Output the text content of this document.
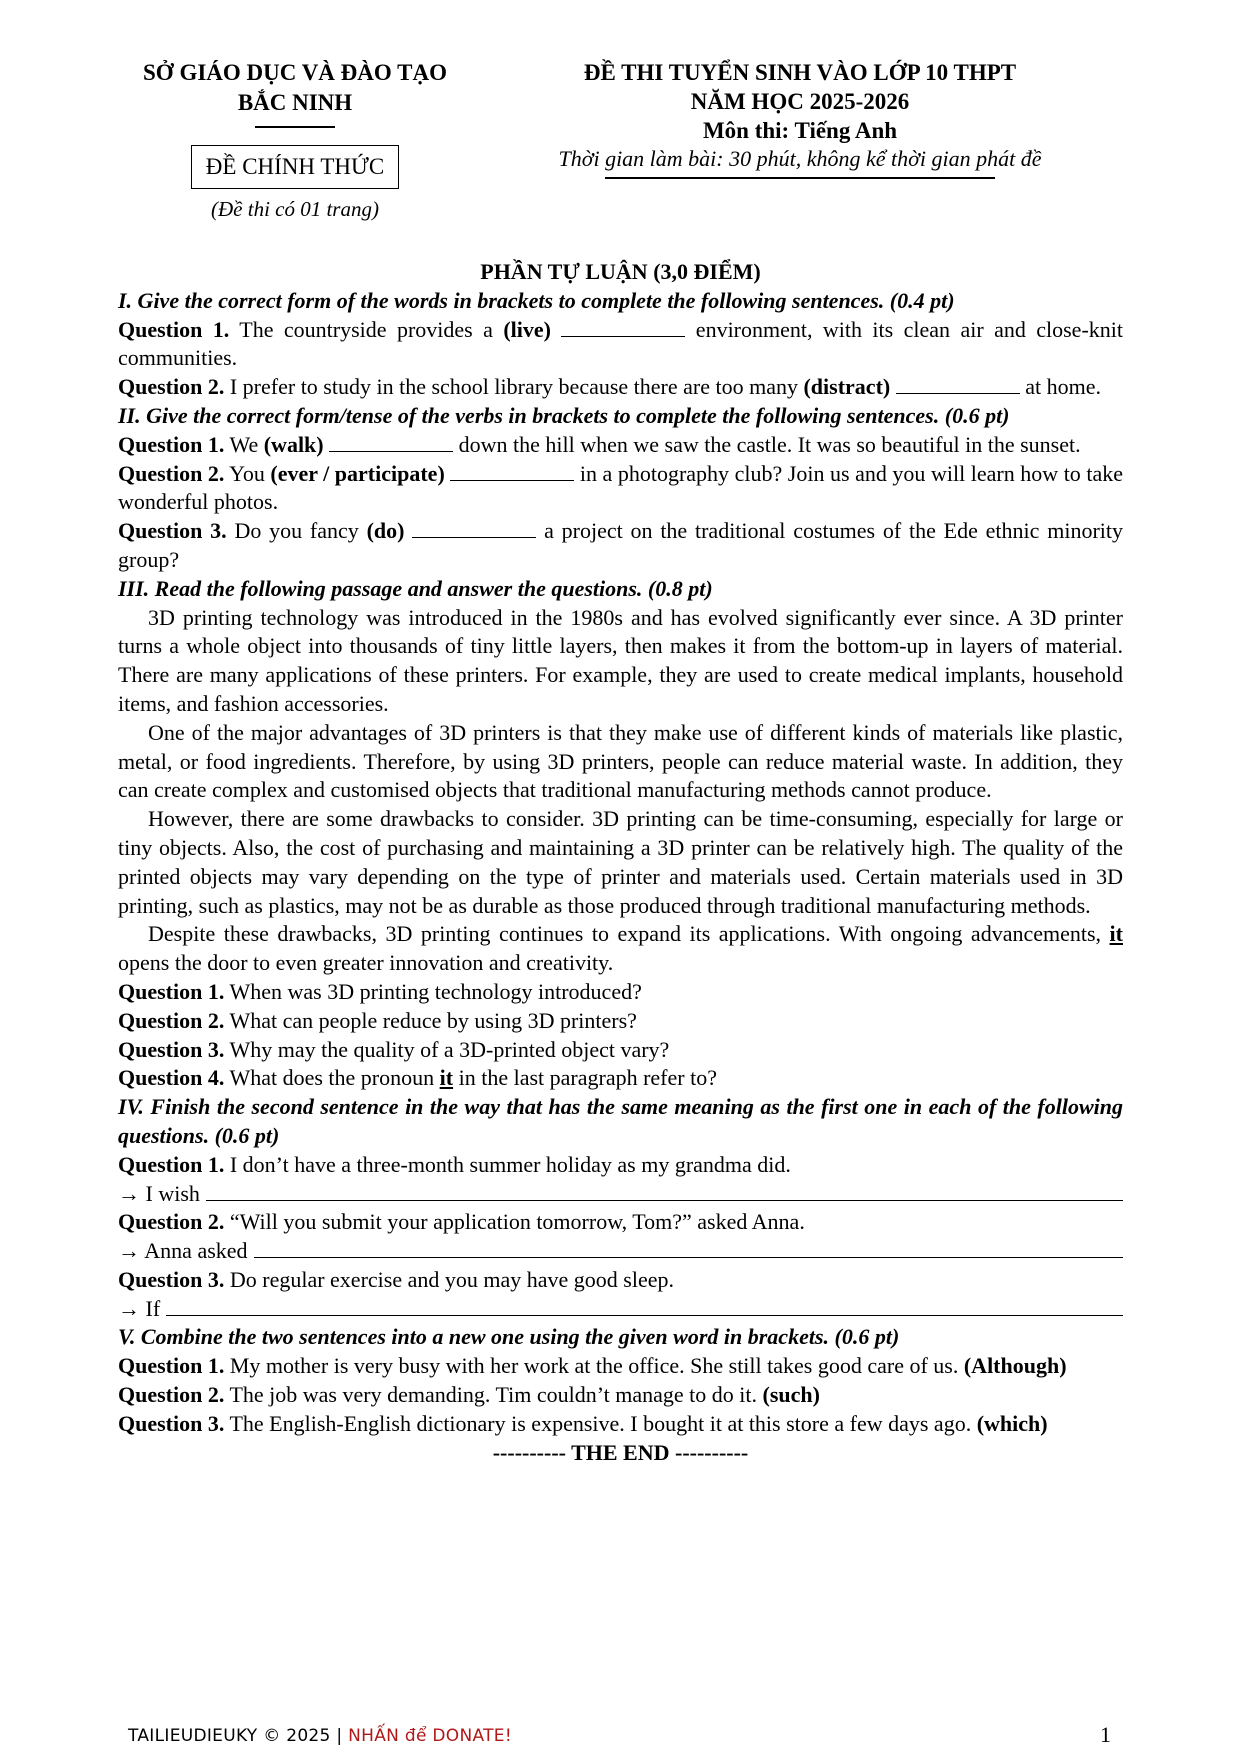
SỞ GIÁO DỤC VÀ ĐÀO TẠO
BẮC NINH
ĐỀ CHÍNH THỨC
(Đề thi có 01 trang)
ĐỀ THI TUYỂN SINH VÀO LỚP 10 THPT
NĂM HỌC 2025-2026
Môn thi: Tiếng Anh
Thời gian làm bài: 30 phút, không kể thời gian phát đề
PHẦN TỰ LUẬN (3,0 ĐIỂM)
I. Give the correct form of the words in brackets to complete the following sentences. (0.4 pt)

Question 1. The countryside provides a (live)	environment, with its clean air and close-knit communities.

Question 2. I prefer to study in the school library because there are too many (distract)	at home.

II. Give the correct form/tense of the verbs in brackets to complete the following sentences. (0.6 pt)

Question 1. We (walk)	down the hill when we saw the castle. It was so beautiful in the sunset.

Question 2. You (ever / participate)	in a photography club? Join us and you will learn how to take wonderful photos.

Question 3. Do you fancy (do)	a project on the traditional costumes of the Ede ethnic minority group?

III. Read the following passage and answer the questions. (0.8 pt)

3D printing technology was introduced in the 1980s and has evolved significantly ever since. A 3D printer turns a whole object into thousands of tiny little layers, then makes it from the bottom-up in layers of material. There are many applications of these printers. For example, they are used to create medical implants, household items, and fashion accessories.

One of the major advantages of 3D printers is that they make use of different kinds of materials like plastic, metal, or food ingredients. Therefore, by using 3D printers, people can reduce material waste. In addition, they can create complex and customised objects that traditional manufacturing methods cannot produce.

However, there are some drawbacks to consider. 3D printing can be time-consuming, especially for large or tiny objects. Also, the cost of purchasing and maintaining a 3D printer can be relatively high. The quality of the printed objects may vary depending on the type of printer and materials used. Certain materials used in 3D printing, such as plastics, may not be as durable as those produced through traditional manufacturing methods.

Despite these drawbacks, 3D printing continues to expand its applications. With ongoing advancements, it opens the door to even greater innovation and creativity.

Question 1. When was 3D printing technology introduced?

Question 2. What can people reduce by using 3D printers?

Question 3. Why may the quality of a 3D-printed object vary?

Question 4. What does the pronoun it in the last paragraph refer to?

IV. Finish the second sentence in the way that has the same meaning as the first one in each of the following questions. (0.6 pt)

Question 1. I don’t have a three-month summer holiday as my grandma did.

→ I wish

Question 2. “Will you submit your application tomorrow, Tom?” asked Anna.

→ Anna asked

Question 3. Do regular exercise and you may have good sleep.

→ If
V. Combine the two sentences into a new one using the given word in brackets. (0.6 pt)

Question 1. My mother is very busy with her work at the office. She still takes good care of us. (Although)

Question 2. The job was very demanding. Tim couldn’t manage to do it. (such)

Question 3. The English-English dictionary is expensive. I bought it at this store a few days ago. (which)

---------- THE END ----------
TAILIEUDIEUKY © 2025 | NHẤN để DONATE!	1
